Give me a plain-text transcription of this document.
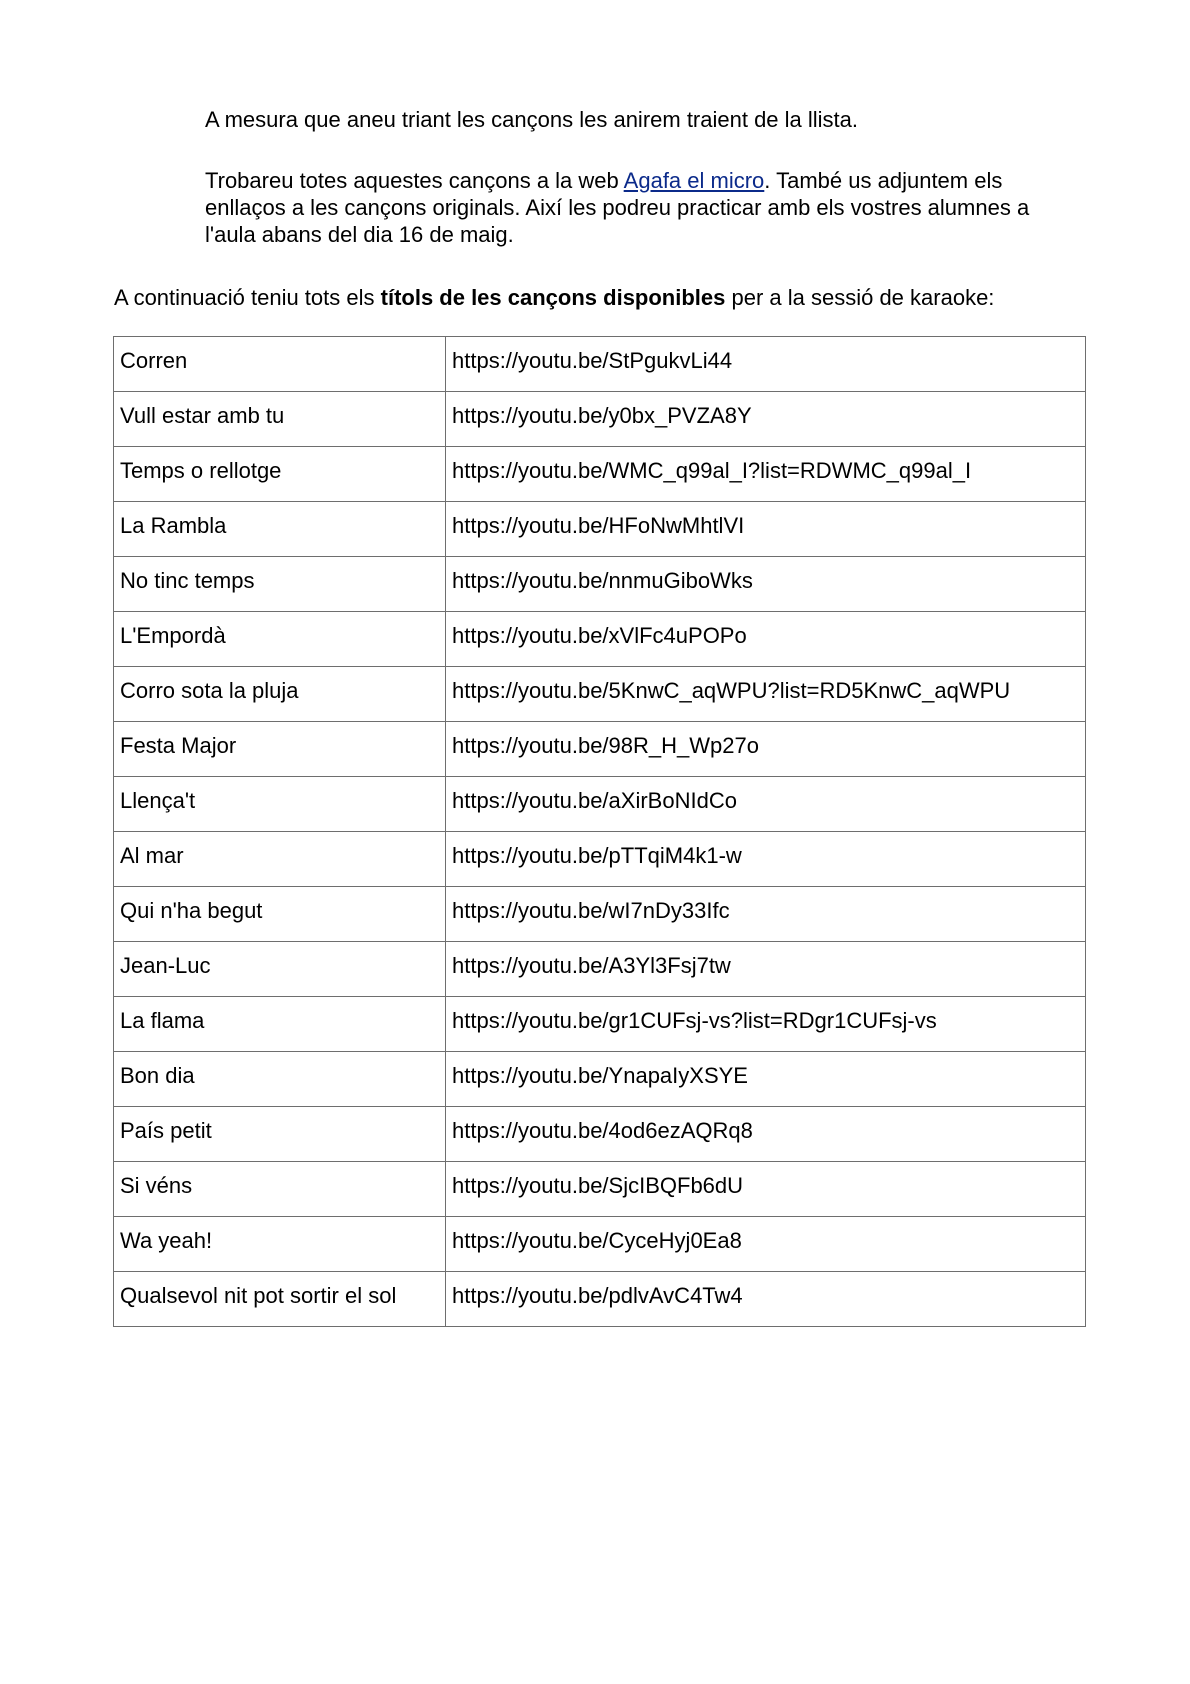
A mesura que aneu triant les cançons les anirem traient de la llista.

Trobareu totes aquestes cançons a la web Agafa el micro. També us adjuntem els enllaços a les cançons originals. Així les podreu practicar amb els vostres alumnes a l'aula abans del dia 16 de maig.

A continuació teniu tots els títols de les cançons disponibles per a la sessió de karaoke:

Corren	https://youtu.be/StPgukvLi44
Vull estar amb tu	https://youtu.be/y0bx_PVZA8Y
Temps o rellotge	https://youtu.be/WMC_q99al_I?list=RDWMC_q99al_I
La Rambla	https://youtu.be/HFoNwMhtlVI
No tinc temps	https://youtu.be/nnmuGiboWks
L'Empordà	https://youtu.be/xVlFc4uPOPo
Corro sota la pluja	https://youtu.be/5KnwC_aqWPU?list=RD5KnwC_aqWPU
Festa Major	https://youtu.be/98R_H_Wp27o
Llença't	https://youtu.be/aXirBoNIdCo
Al mar	https://youtu.be/pTTqiM4k1-w
Qui n'ha begut	https://youtu.be/wI7nDy33Ifc
Jean-Luc	https://youtu.be/A3Yl3Fsj7tw
La flama	https://youtu.be/gr1CUFsj-vs?list=RDgr1CUFsj-vs
Bon dia	https://youtu.be/YnapaIyXSYE
País petit	https://youtu.be/4od6ezAQRq8
Si véns	https://youtu.be/SjcIBQFb6dU
Wa yeah!	https://youtu.be/CyceHyj0Ea8
Qualsevol nit pot sortir el sol	https://youtu.be/pdlvAvC4Tw4
